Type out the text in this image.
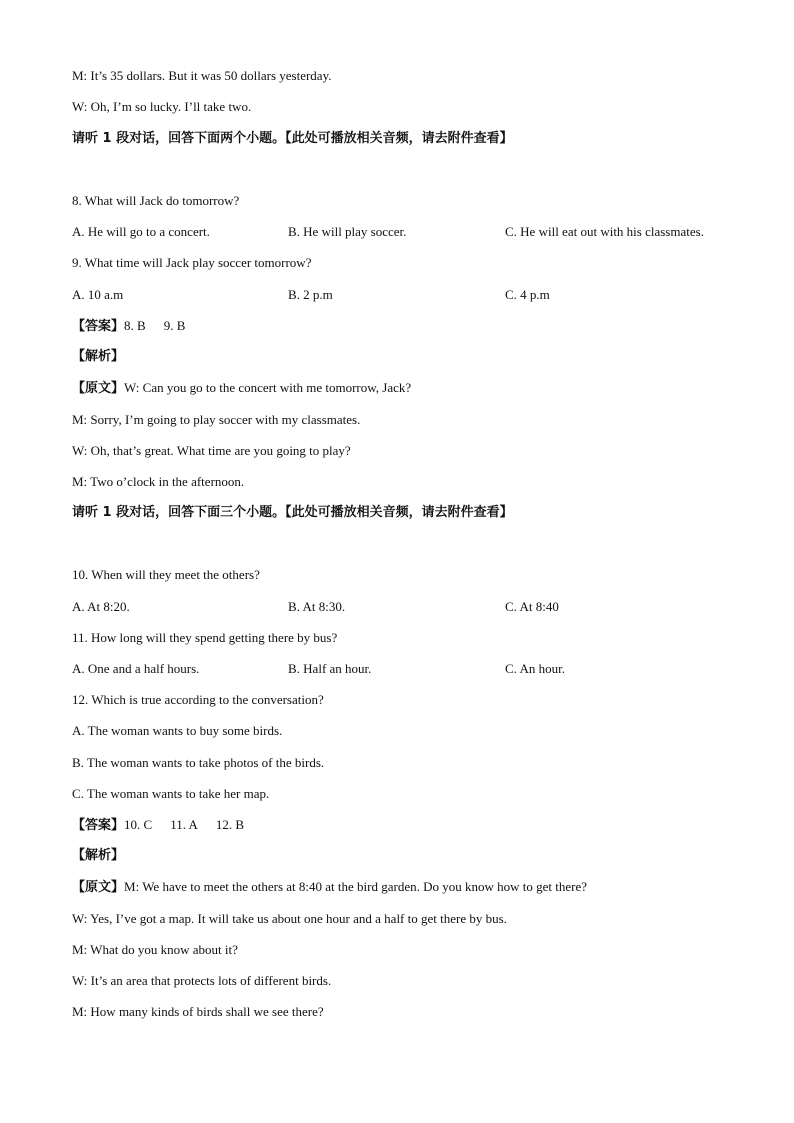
M: It’s 35 dollars. But it was 50 dollars yesterday.
W: Oh, I’m so lucky. I’ll take two.
请听 1 段对话，回答下面两个小题。【此处可播放相关音频，请去附件查看】
8. What will Jack do tomorrow?
A. He will go to a concert.	B. He will play soccer.	C. He will eat out with his classmates.
9. What time will Jack play soccer tomorrow?
A. 10 a.m	B. 2 p.m	C. 4 p.m
【答案】8. B 9. B
【解析】
【原文】W: Can you go to the concert with me tomorrow, Jack?
M: Sorry, I’m going to play soccer with my classmates.
W: Oh, that’s great. What time are you going to play?
M: Two o’clock in the afternoon.
请听 1 段对话，回答下面三个小题。【此处可播放相关音频，请去附件查看】
10. When will they meet the others?
A. At 8:20.	B. At 8:30.	C. At 8:40
11. How long will they spend getting there by bus?
A. One and a half hours.	B. Half an hour.	C. An hour.
12. Which is true according to the conversation?
A. The woman wants to buy some birds.
B. The woman wants to take photos of the birds.
C. The woman wants to take her map.
【答案】10. C 11. A 12. B
【解析】
【原文】M: We have to meet the others at 8:40 at the bird garden. Do you know how to get there?
W: Yes, I’ve got a map. It will take us about one hour and a half to get there by bus.
M: What do you know about it?
W: It’s an area that protects lots of different birds.
M: How many kinds of birds shall we see there?
